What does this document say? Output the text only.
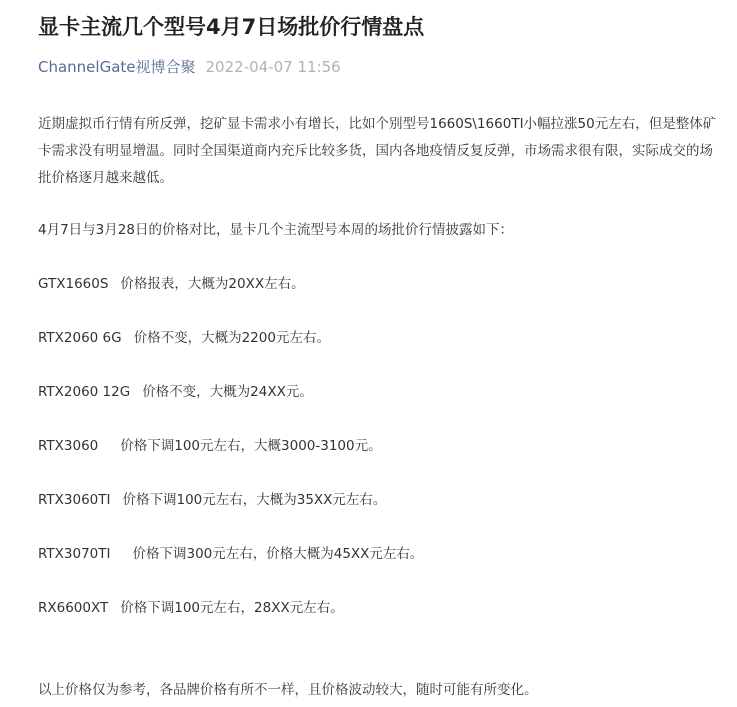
显卡主流几个型号4月7日场批价行情盘点
ChannelGate视博合聚 2022-04-07 11:56

近期虚拟币行情有所反弹，挖矿显卡需求小有增长，比如个别型号1660S\1660TI小幅拉涨50元左右，但是整体矿卡需求没有明显增温。同时全国渠道商内充斥比较多货，国内各地疫情反复反弹，市场需求很有限，实际成交的场批价格逐月越来越低。

4月7日与3月28日的价格对比，显卡几个主流型号本周的场批价行情披露如下：

GTX1660S 价格报表，大概为20XX左右。

RTX2060 6G 价格不变，大概为2200元左右。

RTX2060 12G 价格不变，大概为24XX元。

RTX3060 价格下调100元左右，大概3000-3100元。

RTX3060TI 价格下调100元左右，大概为35XX元左右。

RTX3070TI 价格下调300元左右，价格大概为45XX元左右。

RX6600XT 价格下调100元左右，28XX元左右。

以上价格仅为参考，各品牌价格有所不一样，且价格波动较大，随时可能有所变化。
